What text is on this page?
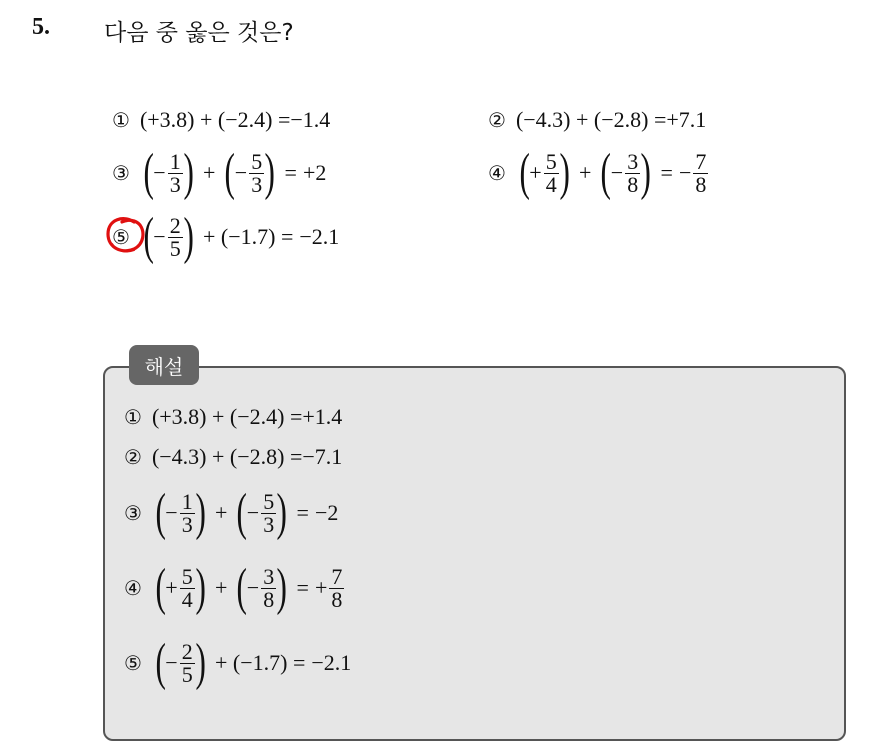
5. 다음 중 옳은 것은?
① (+3.8) + (−2.4) = −1.4	② (−4.3) + (−2.8) = +7.1
③ ( − $\frac{1}{3}$ ) + ( − $\frac{5}{3}$ ) = +2	④ ( + $\frac{5}{4}$ ) + ( − $\frac{3}{8}$ ) = − $\frac{7}{8}$
⑤ ( − $\frac{2}{5}$ ) + (−1.7) = −2.1
해설
① (+3.8) + (−2.4) = +1.4
② (−4.3) + (−2.8) = −7.1
③ ( − $\frac{1}{3}$ ) + ( − $\frac{5}{3}$ ) = −2
④ ( + $\frac{5}{4}$ ) + ( − $\frac{3}{8}$ ) = + $\frac{7}{8}$
⑤ ( − $\frac{2}{5}$ ) + (−1.7) = −2.1
